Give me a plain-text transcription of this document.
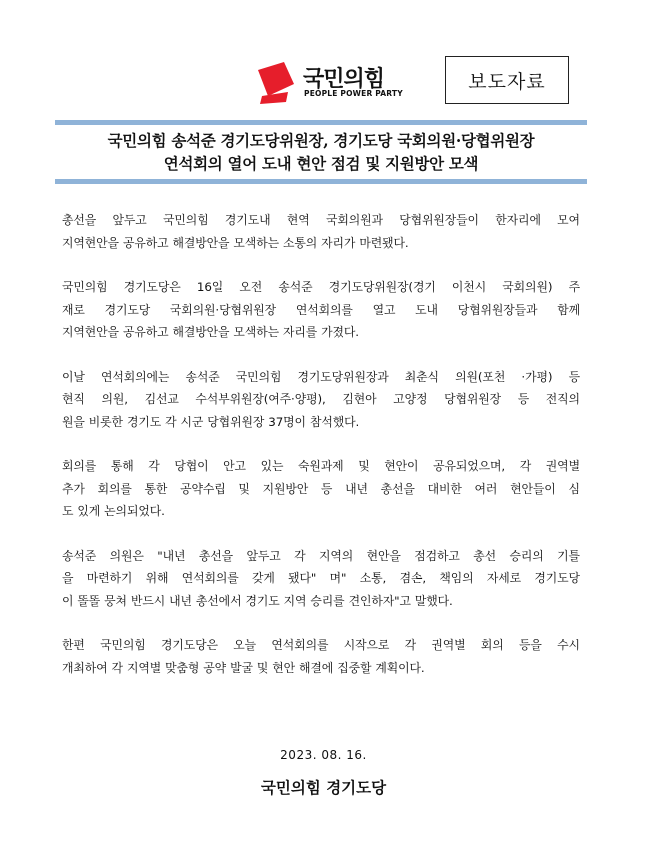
국민의힘
PEOPLE POWER PARTY
보도자료
국민의힘 송석준 경기도당위원장, 경기도당 국회의원·당협위원장
연석회의 열어 도내 현안 점검 및 지원방안 모색
총선을 앞두고 국민의힘 경기도내 현역 국회의원과 당협위원장들이 한자리에 모여
지역현안을 공유하고 해결방안을 모색하는 소통의 자리가 마련됐다.
국민의힘 경기도당은 16일 오전 송석준 경기도당위원장(경기 이천시 국회의원) 주
재로 경기도당 국회의원·당협위원장 연석회의를 열고 도내 당협위원장들과 함께
지역현안을 공유하고 해결방안을 모색하는 자리를 가졌다.
이날 연석회의에는 송석준 국민의힘 경기도당위원장과 최춘식 의원(포천 ·가평) 등
현직 의원, 김선교 수석부위원장(여주·양평), 김현아 고양정 당협위원장 등 전직의
원을 비롯한 경기도 각 시군 당협위원장 37명이 참석했다.
회의를 통해 각 당협이 안고 있는 숙원과제 및 현안이 공유되었으며, 각 권역별
추가 회의를 통한 공약수립 및 지원방안 등 내년 총선을 대비한 여러 현안들이 심
도 있게 논의되었다.
송석준 의원은 "내년 총선을 앞두고 각 지역의 현안을 점검하고 총선 승리의 기틀
을 마련하기 위해 연석회의를 갖게 됐다" 며" 소통, 겸손, 책임의 자세로 경기도당
이 똘똘 뭉쳐 반드시 내년 총선에서 경기도 지역 승리를 견인하자"고 말했다.
한편 국민의힘 경기도당은 오늘 연석회의를 시작으로 각 권역별 회의 등을 수시
개최하여 각 지역별 맞춤형 공약 발굴 및 현안 해결에 집중할 계획이다.
2023. 08. 16.
국민의힘 경기도당
